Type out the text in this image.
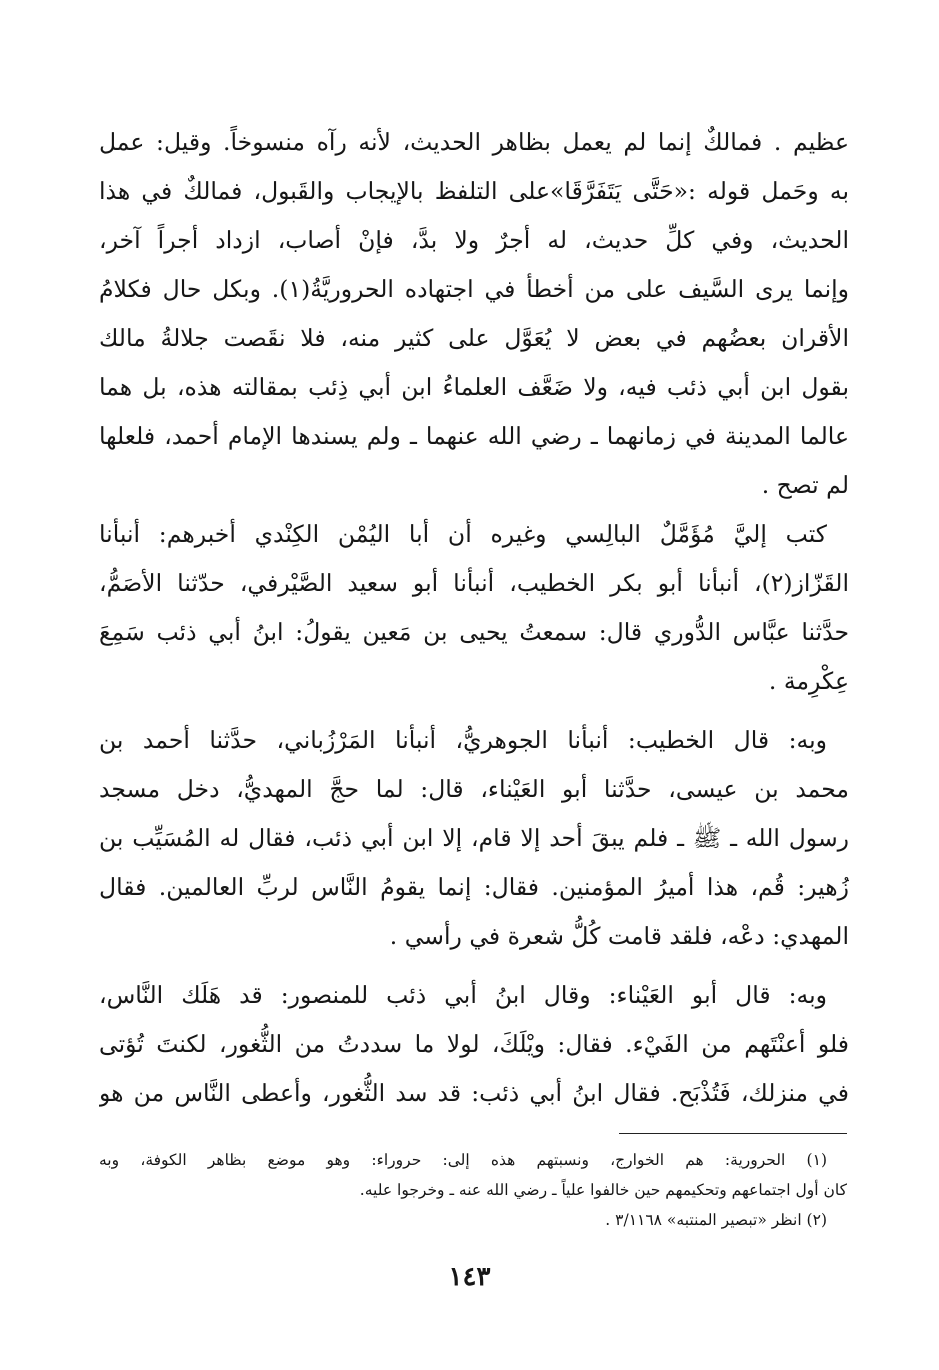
عظيم . فمالكٌ إنما لم يعمل بظاهر الحديث، لأنه رآه منسوخاً. وقيل: عمل
به وحَمل قوله :«حَتَّى يَتَفَرَّقَا»على التلفظ بالإيجاب والقَبول، فمالكٌ في هذا
الحديث، وفي كلِّ حديث، له أجرٌ ولا بدَّ، فإنْ أصاب، ازداد أجراً آخر،
وإنما يرى السَّيف على من أخطأ في اجتهاده الحروريَّةُ(١). وبكل حال فكلامُ
الأقران بعضُهم في بعض لا يُعَوَّل على كثير منه، فلا نقَصت جلالةُ مالك
بقول ابن أبي ذئب فيه، ولا ضَعَّف العلماءُ ابن أبي ذِئب بمقالته هذه، بل هما
عالما المدينة في زمانهما ـ رضي الله عنهما ـ ولم يسندها الإمام أحمد، فلعلها
لم تصح .
كتب إليَّ مُؤَمَّلٌ البالِسي وغيره أن أبا اليُمْن الكِنْدي أخبرهم: أنبأنا
القَزّاز(٢)، أنبأنا أبو بكر الخطيب، أنبأنا أبو سعيد الصَّيْرفي، حدّثنا الأصَمُّ،
حدَّثنا عبَّاس الدُّوري قال: سمعتُ يحيى بن مَعين يقولُ: ابنُ أبي ذئب سَمِعَ
عِكْرِمة .
وبه: قال الخطيب: أنبأنا الجوهريُّ، أنبأنا المَرْزُباني، حدَّثنا أحمد بن
محمد بن عيسى، حدَّثنا أبو العَيْناء، قال: لما حجَّ المهديُّ، دخل مسجد
رسول الله ـ ﷺ ـ فلم يبقَ أحد إلا قام، إلا ابن أبي ذئب، فقال له المُسَيِّب بن
زُهير: قُم، هذا أميرُ المؤمنين. فقال: إنما يقومُ النَّاس لربِّ العالمين. فقال
المهدي: دعْه، فلقد قامت كُلُّ شعرة في رأسي .
وبه: قال أبو العَيْناء: وقال ابنُ أبي ذئب للمنصور: قد هَلَك النَّاس،
فلو أعنْتَهم من الفَيْء. فقال: ويْلَكَ، لولا ما سددتُ من الثُّغور، لكنتَ تُؤتى
في منزلك، فَتُذْبَح. فقال ابنُ أبي ذئب: قد سد الثُّغور، وأعطى النَّاس من هو
(١) الحرورية: هم الخوارج، ونسبتهم هذه إلى: حروراء: وهو موضع بظاهر الكوفة، وبه
كان أول اجتماعهم وتحكيمهم حين خالفوا علياً ـ رضي الله عنه ـ وخرجوا عليه.
(٢) انظر «تبصير المنتبه» ٣/١١٦٨ .
١٤٣
